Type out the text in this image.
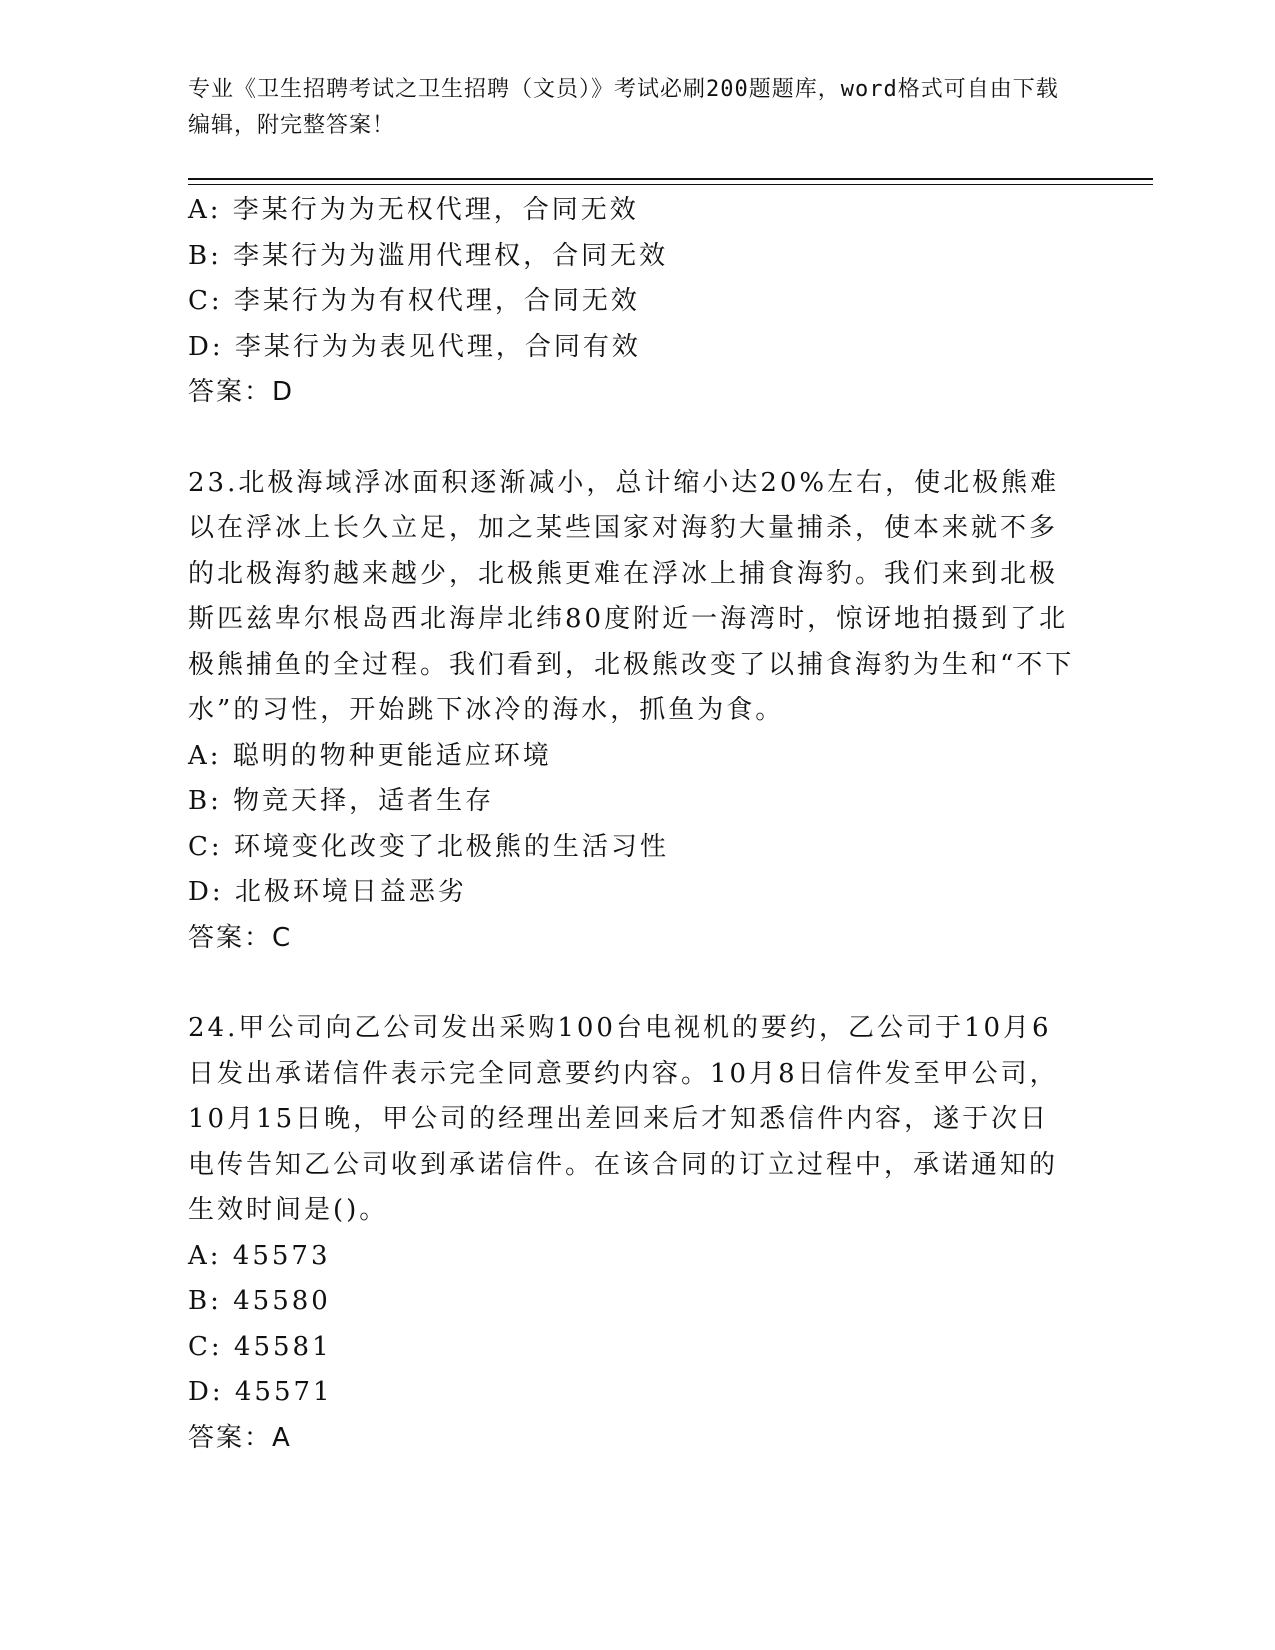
专业《卫生招聘考试之卫生招聘（文员）》考试必刷200题题库，word格式可自由下载编辑，附完整答案！
A: 李某行为为无权代理，合同无效
B: 李某行为为滥用代理权，合同无效
C: 李某行为为有权代理，合同无效
D: 李某行为为表见代理，合同有效
答案：D
23.北极海域浮冰面积逐渐减小，总计缩小达20%左右，使北极熊难以在浮冰上长久立足，加之某些国家对海豹大量捕杀，使本来就不多的北极海豹越来越少，北极熊更难在浮冰上捕食海豹。我们来到北极斯匹兹卑尔根岛西北海岸北纬80度附近一海湾时，惊讶地拍摄到了北极熊捕鱼的全过程。我们看到，北极熊改变了以捕食海豹为生和“不下水”的习性，开始跳下冰冷的海水，抓鱼为食。
A: 聪明的物种更能适应环境
B: 物竞天择，适者生存
C: 环境变化改变了北极熊的生活习性
D: 北极环境日益恶劣
答案：C
24.甲公司向乙公司发出采购100台电视机的要约，乙公司于10月6日发出承诺信件表示完全同意要约内容。10月8日信件发至甲公司，10月15日晚，甲公司的经理出差回来后才知悉信件内容，遂于次日电传告知乙公司收到承诺信件。在该合同的订立过程中，承诺通知的生效时间是()。
A: 45573
B: 45580
C: 45581
D: 45571
答案：A
